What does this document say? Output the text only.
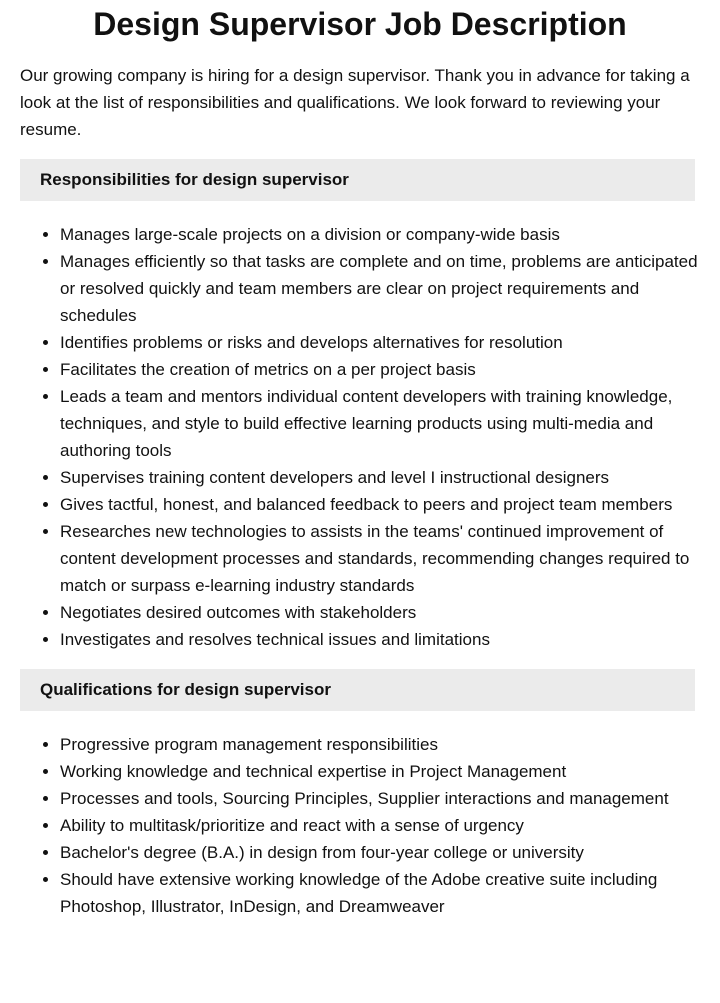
Design Supervisor Job Description

Our growing company is hiring for a design supervisor. Thank you in advance for taking a look at the list of responsibilities and qualifications. We look forward to reviewing your resume.

Responsibilities for design supervisor
• Manages large-scale projects on a division or company-wide basis
• Manages efficiently so that tasks are complete and on time, problems are anticipated or resolved quickly and team members are clear on project requirements and schedules
• Identifies problems or risks and develops alternatives for resolution
• Facilitates the creation of metrics on a per project basis
• Leads a team and mentors individual content developers with training knowledge, techniques, and style to build effective learning products using multi-media and authoring tools
• Supervises training content developers and level I instructional designers
• Gives tactful, honest, and balanced feedback to peers and project team members
• Researches new technologies to assists in the teams' continued improvement of content development processes and standards, recommending changes required to match or surpass e-learning industry standards
• Negotiates desired outcomes with stakeholders
• Investigates and resolves technical issues and limitations
Qualifications for design supervisor
• Progressive program management responsibilities
• Working knowledge and technical expertise in Project Management
• Processes and tools, Sourcing Principles, Supplier interactions and management
• Ability to multitask/prioritize and react with a sense of urgency
• Bachelor's degree (B.A.) in design from four-year college or university
• Should have extensive working knowledge of the Adobe creative suite including Photoshop, Illustrator, InDesign, and Dreamweaver
